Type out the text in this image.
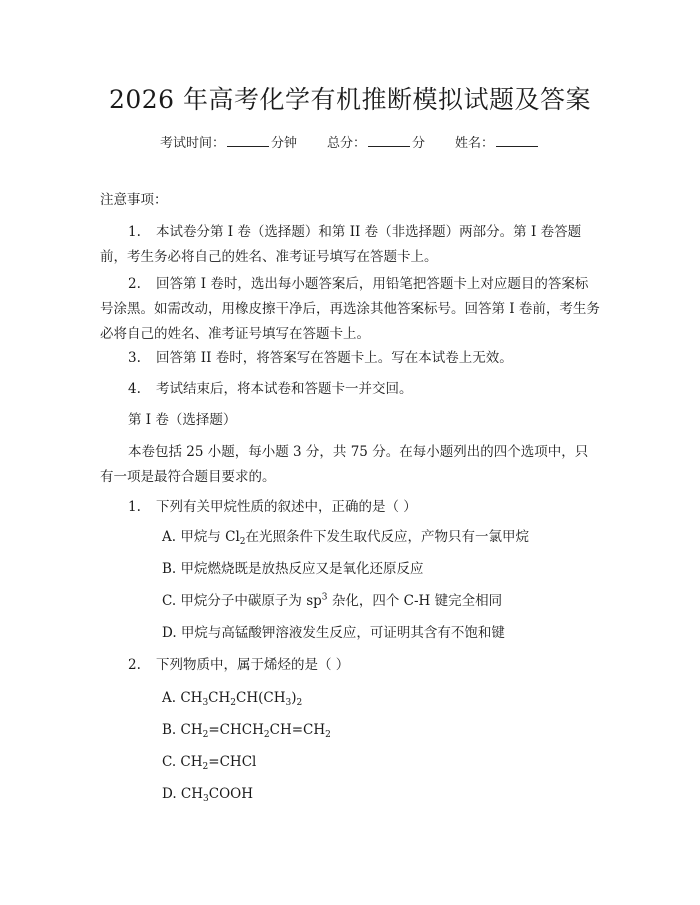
2026 年高考化学有机推断模拟试题及答案
考试时间：	分钟 总分：	分 姓名：
注意事项：
1. 本试卷分第 I 卷（选择题）和第 II 卷（非选择题）两部分。第 I 卷答题前，考生务必将自己的姓名、准考证号填写在答题卡上。
2. 回答第 I 卷时，选出每小题答案后，用铅笔把答题卡上对应题目的答案标号涂黑。如需改动，用橡皮擦干净后，再选涂其他答案标号。回答第 I 卷前，考生务必将自己的姓名、准考证号填写在答题卡上。
3. 回答第 II 卷时，将答案写在答题卡上。写在本试卷上无效。
4. 考试结束后，将本试卷和答题卡一并交回。
第 I 卷（选择题）
本卷包括 25 小题，每小题 3 分，共 75 分。在每小题列出的四个选项中，只有一项是最符合题目要求的。
1. 下列有关甲烷性质的叙述中，正确的是（ ）
A. 甲烷与 $Cl_2$在光照条件下发生取代反应，产物只有一氯甲烷
B. 甲烷燃烧既是放热反应又是氧化还原反应
C. 甲烷分子中碳原子为 $sp^3$ 杂化，四个 C-H 键完全相同
D. 甲烷与高锰酸钾溶液发生反应，可证明其含有不饱和键
2. 下列物质中，属于烯烃的是（ ）
A. $CH_3CH_2CH(CH_3)_2$
B. $CH_2=CHCH_2CH=CH_2$
C. $CH_2=CHCl$
D. $CH_3COOH$
